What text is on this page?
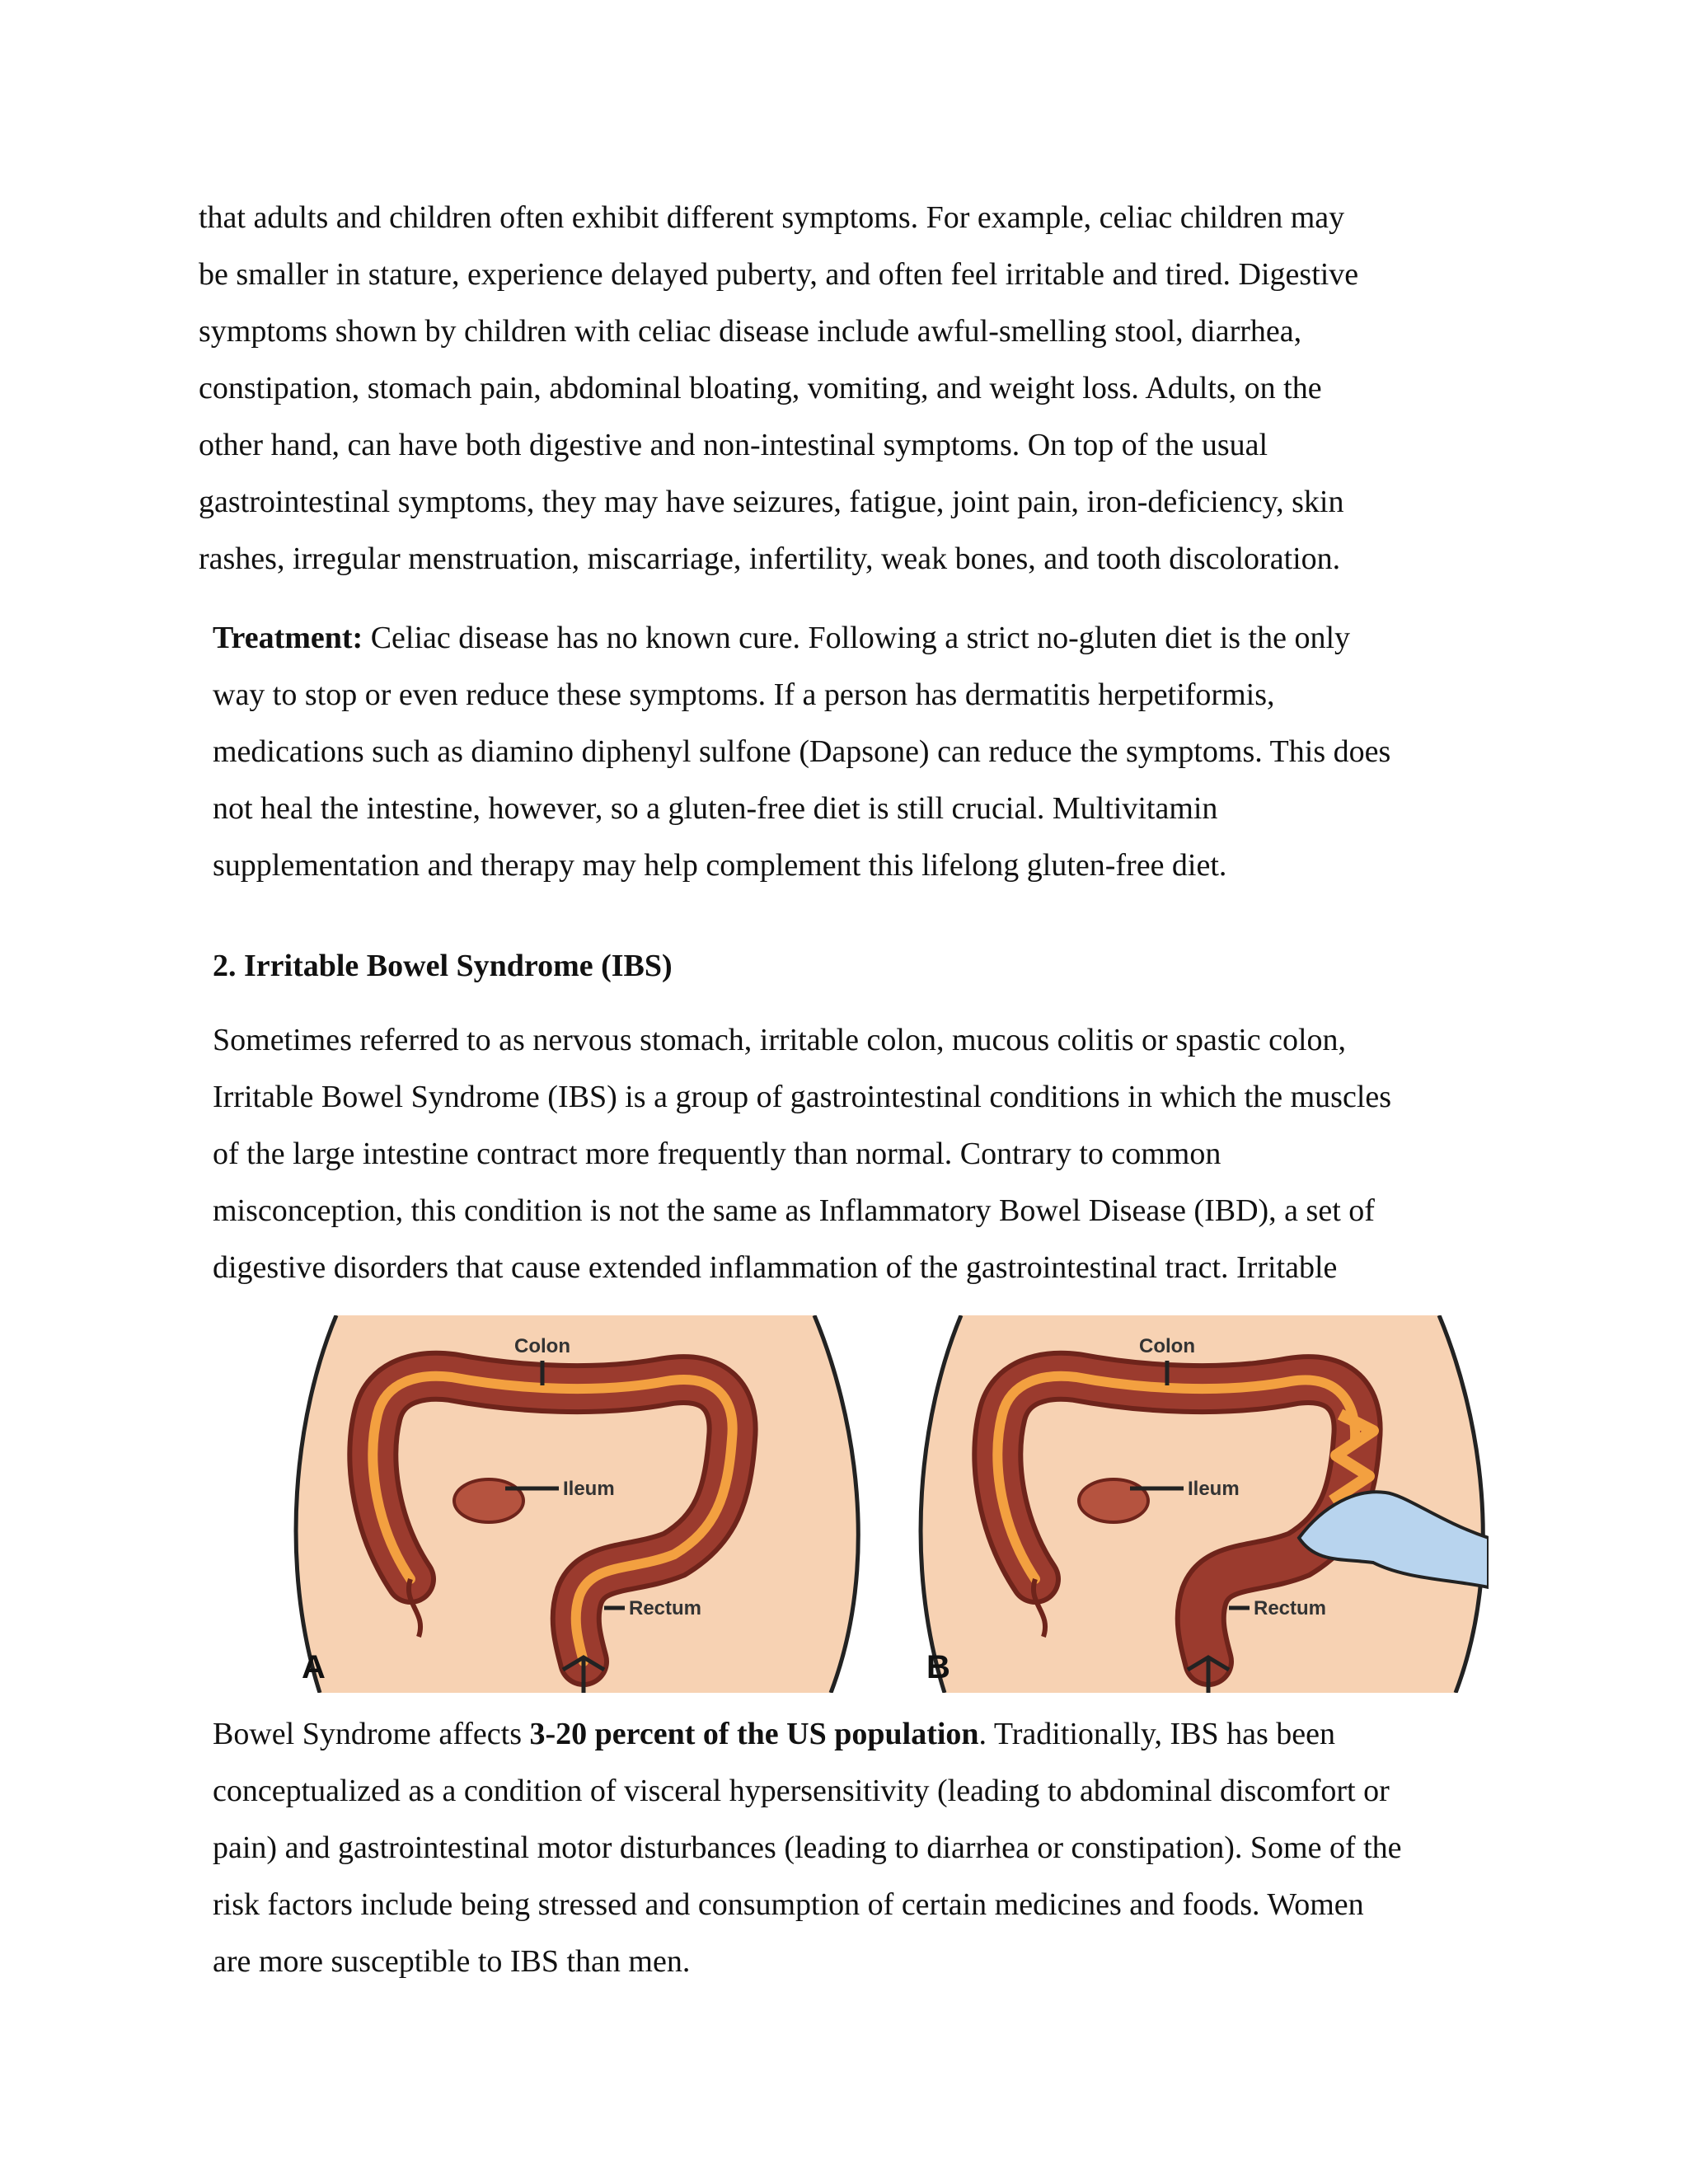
that adults and children often exhibit different symptoms. For example, celiac children may
be smaller in stature, experience delayed puberty, and often feel irritable and tired. Digestive
symptoms shown by children with celiac disease include awful-smelling stool, diarrhea,
constipation, stomach pain, abdominal bloating, vomiting, and weight loss. Adults, on the
other hand, can have both digestive and non-intestinal symptoms. On top of the usual
gastrointestinal symptoms, they may have seizures, fatigue, joint pain, iron-deficiency, skin
rashes, irregular menstruation, miscarriage, infertility, weak bones, and tooth discoloration.
Treatment: Celiac disease has no known cure. Following a strict no-gluten diet is the only
way to stop or even reduce these symptoms. If a person has dermatitis herpetiformis,
medications such as diamino diphenyl sulfone (Dapsone) can reduce the symptoms. This does
not heal the intestine, however, so a gluten-free diet is still crucial. Multivitamin
supplementation and therapy may help complement this lifelong gluten-free diet.
2. Irritable Bowel Syndrome (IBS)
Sometimes referred to as nervous stomach, irritable colon, mucous colitis or spastic colon,
Irritable Bowel Syndrome (IBS) is a group of gastrointestinal conditions in which the muscles
of the large intestine contract more frequently than normal. Contrary to common
misconception, this condition is not the same as Inflammatory Bowel Disease (IBD), a set of
digestive disorders that cause extended inflammation of the gastrointestinal tract. Irritable
Colon
Ileum
Rectum
A
Colon
Ileum
Rectum
B
Bowel Syndrome affects 3-20 percent of the US population. Traditionally, IBS has been
conceptualized as a condition of visceral hypersensitivity (leading to abdominal discomfort or
pain) and gastrointestinal motor disturbances (leading to diarrhea or constipation). Some of the
risk factors include being stressed and consumption of certain medicines and foods. Women
are more susceptible to IBS than men.
